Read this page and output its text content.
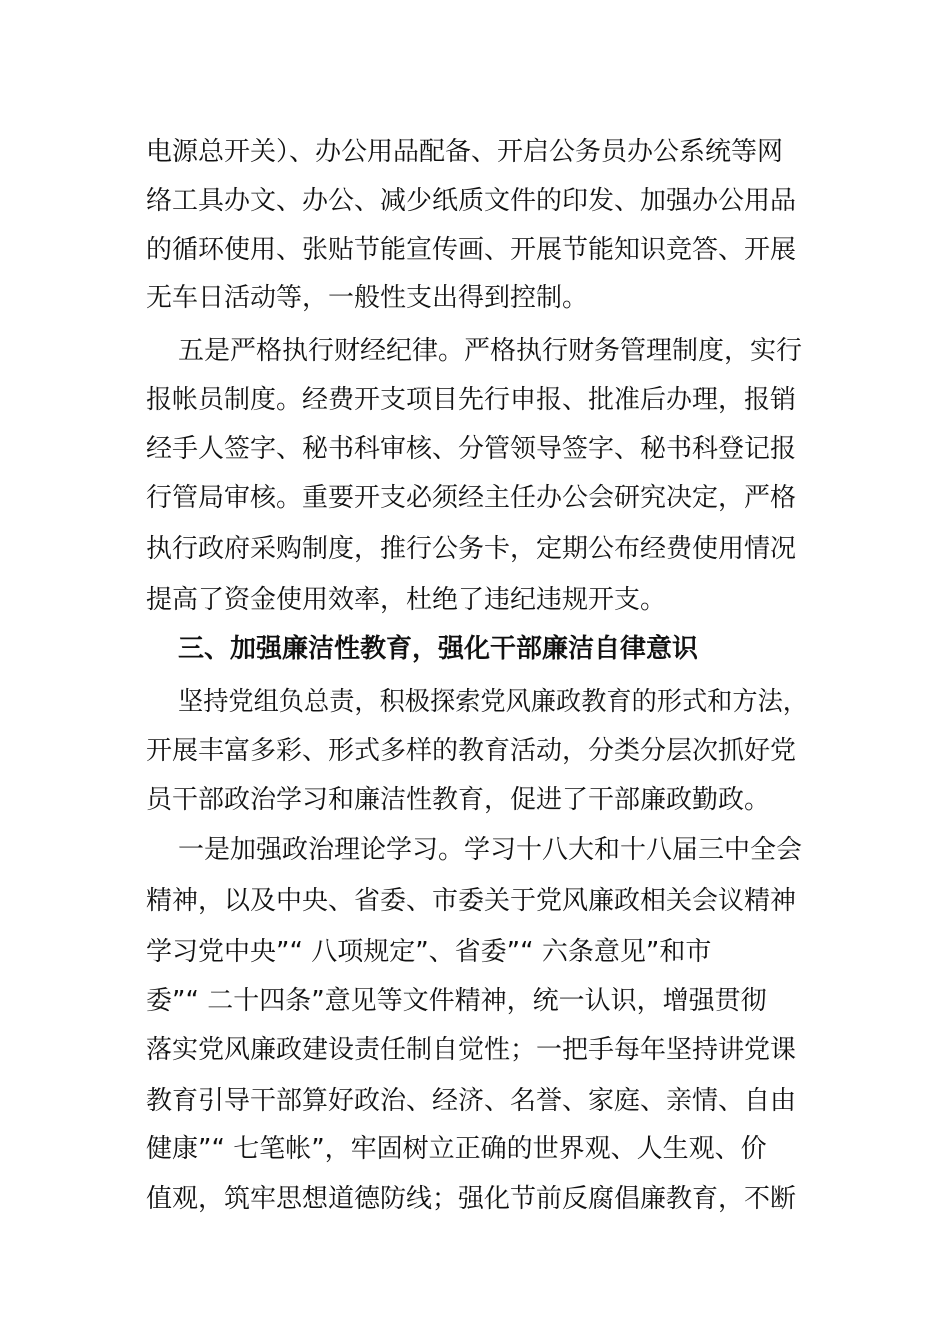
电源总开关）、办公用品配备、开启公务员办公系统等网
络工具办文、办公、减少纸质文件的印发、加强办公用品
的循环使用、张贴节能宣传画、开展节能知识竞答、开展
无车日活动等，一般性支出得到控制。
五是严格执行财经纪律。严格执行财务管理制度，实行
报帐员制度。经费开支项目先行申报、批准后办理，报销
经手人签字、秘书科审核、分管领导签字、秘书科登记报
行管局审核。重要开支必须经主任办公会研究决定，严格
执行政府采购制度，推行公务卡，定期公布经费使用情况
提高了资金使用效率，杜绝了违纪违规开支。
三、加强廉洁性教育，强化干部廉洁自律意识
坚持党组负总责，积极探索党风廉政教育的形式和方法，
开展丰富多彩、形式多样的教育活动，分类分层次抓好党
员干部政治学习和廉洁性教育，促进了干部廉政勤政。
一是加强政治理论学习。学习十八大和十八届三中全会
精神，以及中央、省委、市委关于党风廉政相关会议精神
学习党中央”“ 八项规定”、省委”“ 六条意见”和市
委”“ 二十四条”意见等文件精神，统一认识，增强贯彻
落实党风廉政建设责任制自觉性；一把手每年坚持讲党课
教育引导干部算好政治、经济、名誉、家庭、亲情、自由
健康”“ 七笔帐”，牢固树立正确的世界观、人生观、价
值观，筑牢思想道德防线；强化节前反腐倡廉教育，不断
